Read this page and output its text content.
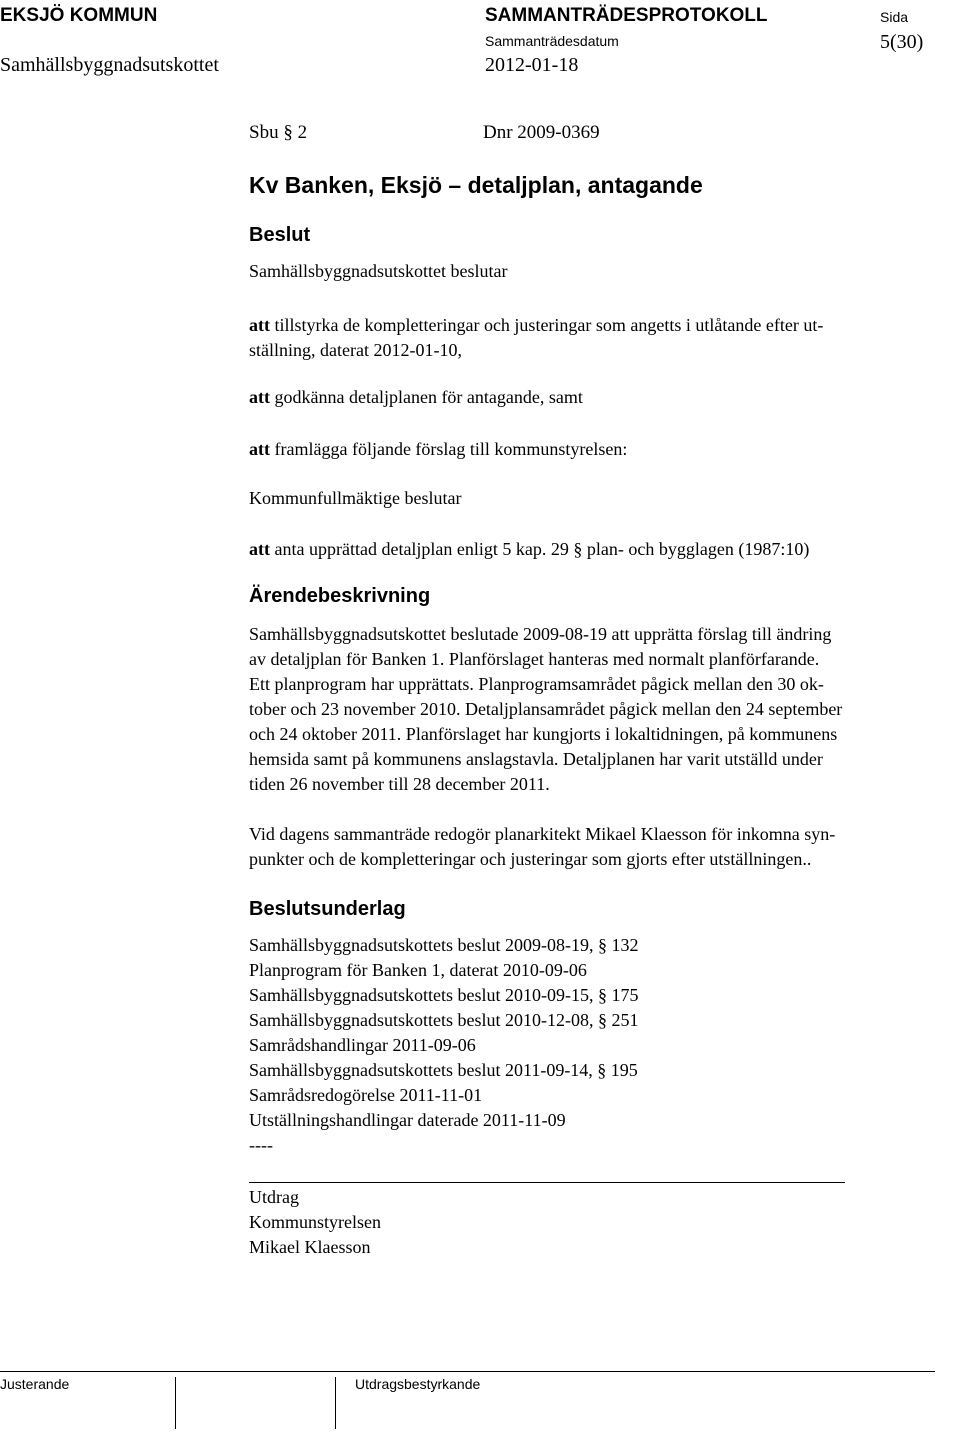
EKSJÖ KOMMUN
Samhällsbyggnadsutskottet
SAMMANTRÄDESPROTOKOLL
Sammanträdesdatum
2012-01-18
Sida
5(30)
Sbu § 2	Dnr 2009-0369
Kv Banken, Eksjö – detaljplan, antagande
Beslut
Samhällsbyggnadsutskottet beslutar
att tillstyrka de kompletteringar och justeringar som angetts i utlåtande efter ut-
ställning, daterat 2012-01-10,
att godkänna detaljplanen för antagande, samt
att framlägga följande förslag till kommunstyrelsen:
Kommunfullmäktige beslutar
att anta upprättad detaljplan enligt 5 kap. 29 § plan- och bygglagen (1987:10)
Ärendebeskrivning

Samhällsbyggnadsutskottet beslutade 2009-08-19 att upprätta förslag till ändring

av detaljplan för Banken 1. Planförslaget hanteras med normalt planförfarande.

Ett planprogram har upprättats. Planprogramsamrådet pågick mellan den 30 ok-

tober och 23 november 2010. Detaljplansamrådet pågick mellan den 24 september

och 24 oktober 2011. Planförslaget har kungjorts i lokaltidningen, på kommunens

hemsida samt på kommunens anslagstavla. Detaljplanen har varit utställd under

tiden 26 november till 28 december 2011.

Vid dagens sammanträde redogör planarkitekt Mikael Klaesson för inkomna syn-

punkter och de kompletteringar och justeringar som gjorts efter utställningen..

Beslutsunderlag

Samhällsbyggnadsutskottets beslut 2009-08-19, § 132

Planprogram för Banken 1, daterat 2010-09-06

Samhällsbyggnadsutskottets beslut 2010-09-15, § 175

Samhällsbyggnadsutskottets beslut 2010-12-08, § 251

Samrådshandlingar 2011-09-06

Samhällsbyggnadsutskottets beslut 2011-09-14, § 195

Samrådsredogörelse 2011-11-01

Utställningshandlingar daterade 2011-11-09

----

Utdrag

Kommunstyrelsen

Mikael Klaesson

Justerande	Utdragsbestyrkande
